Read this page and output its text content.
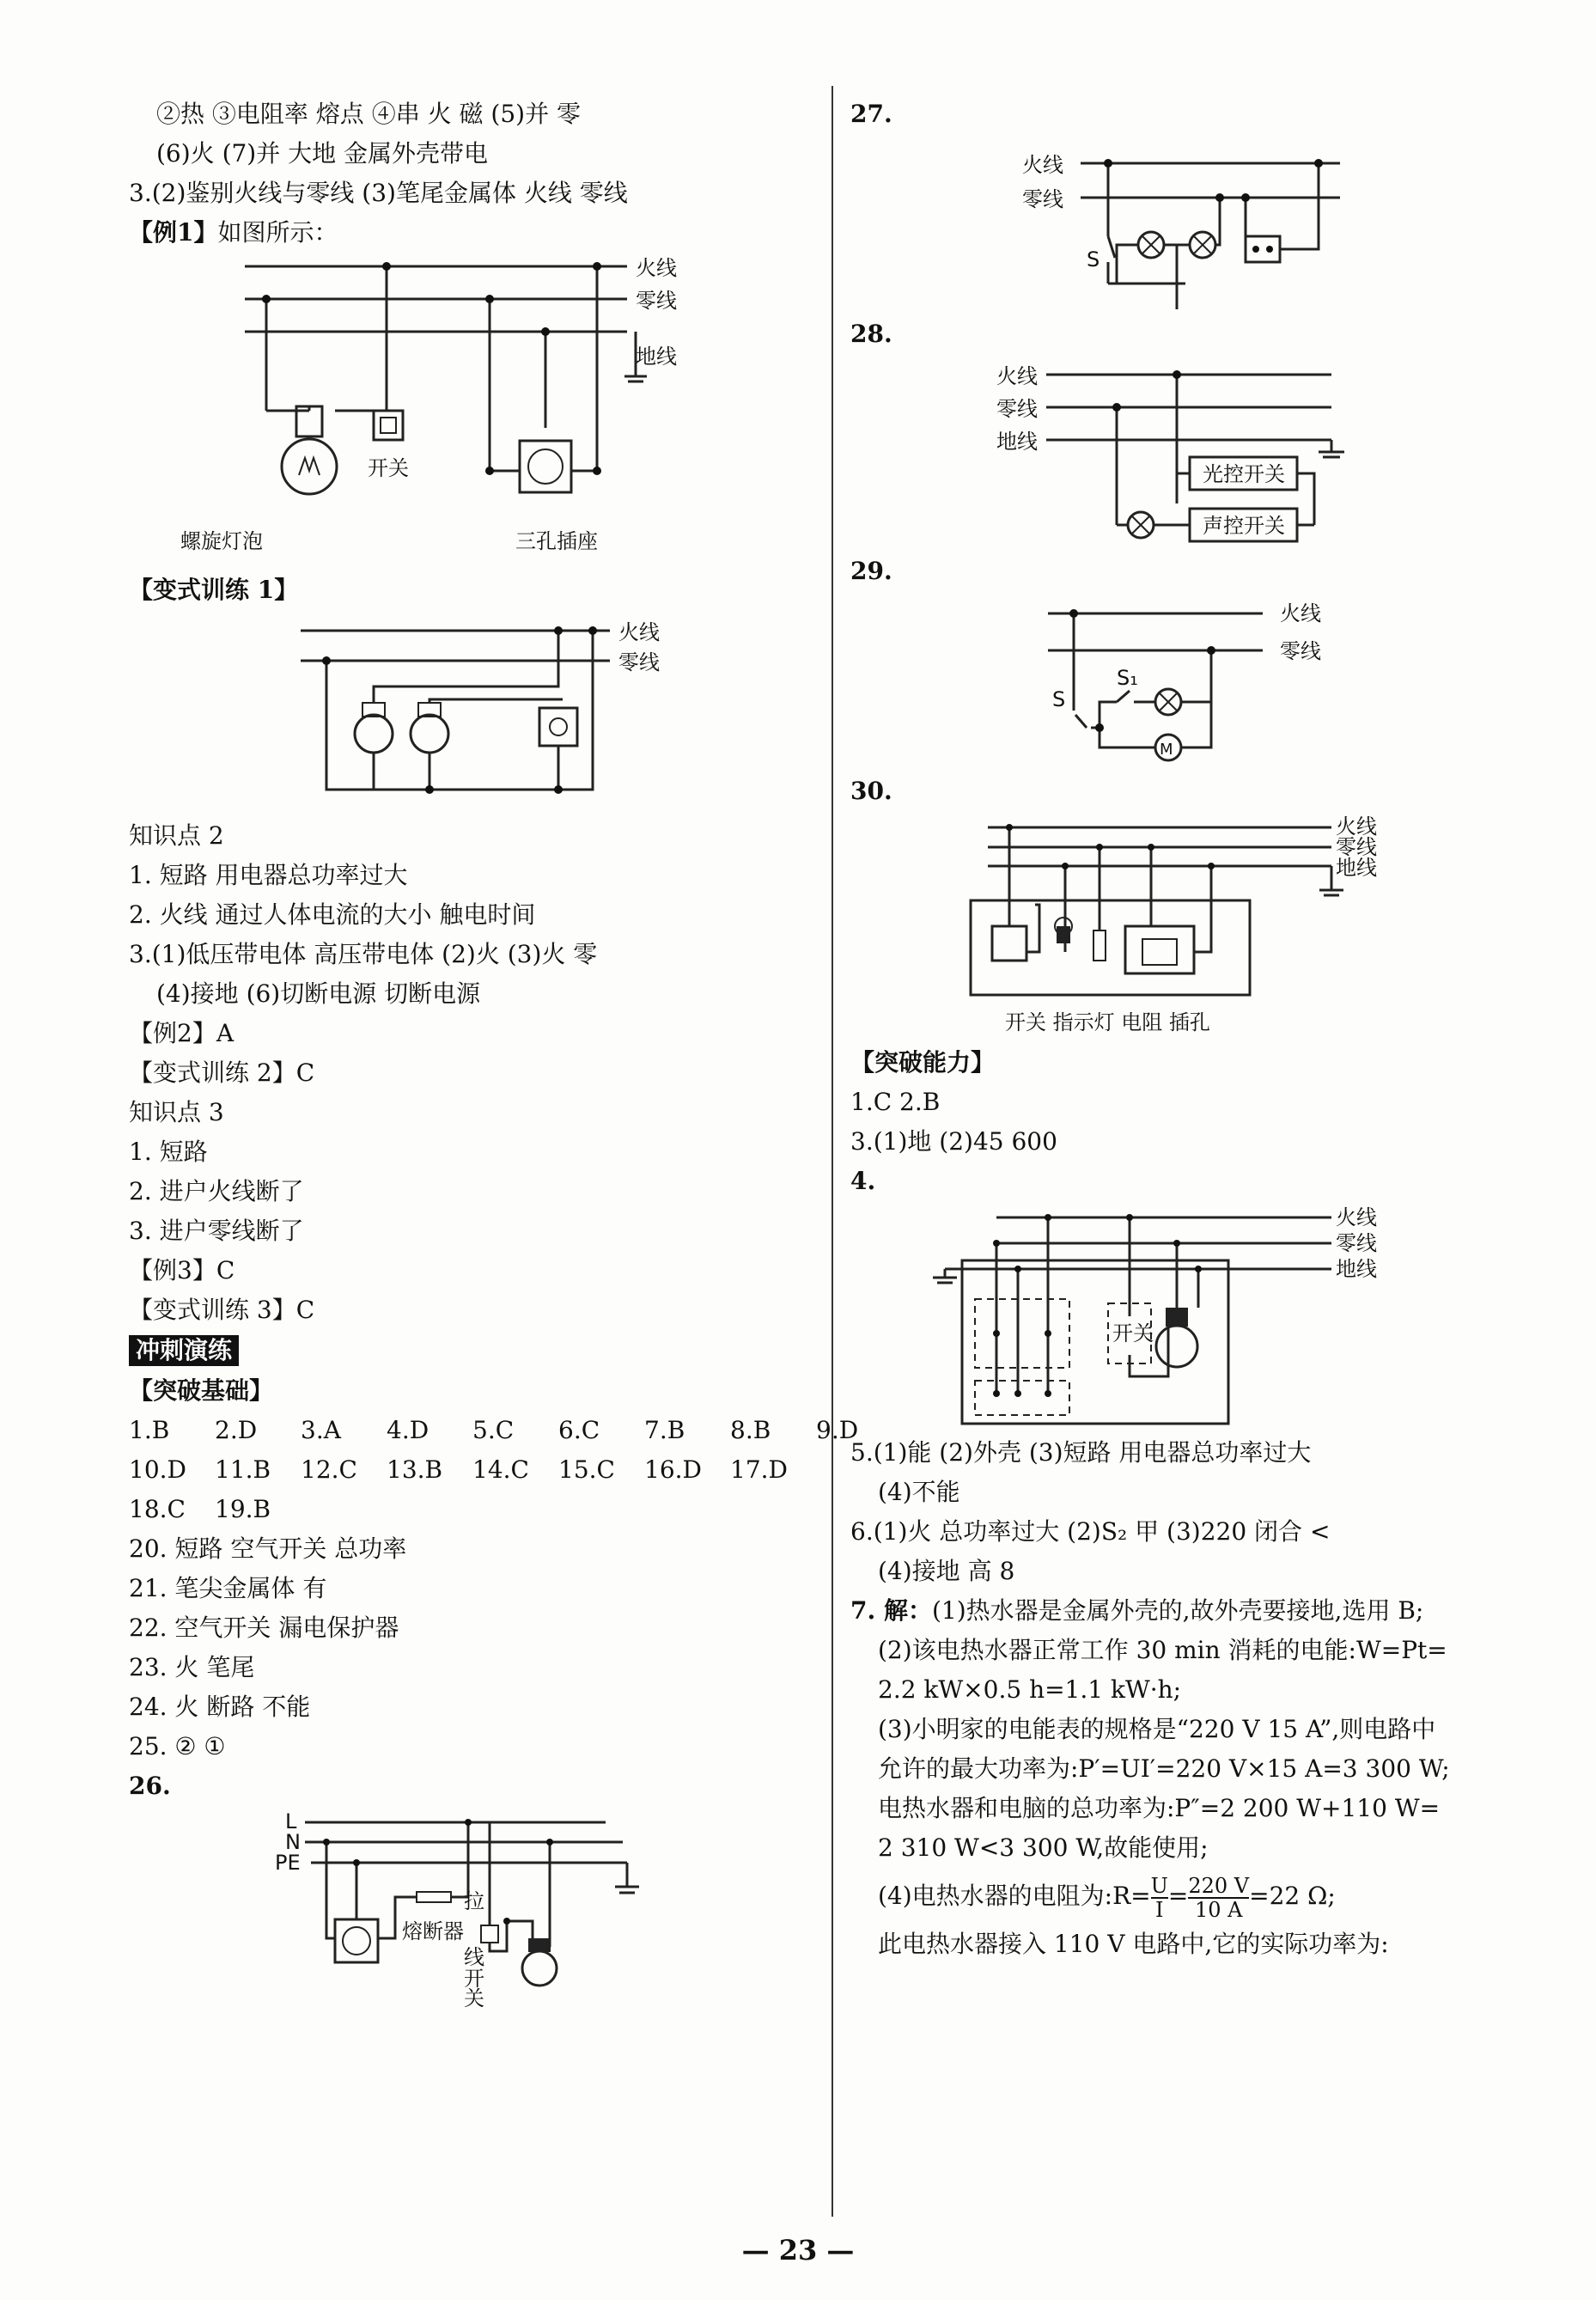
②热 ③电阻率 熔点 ④串 火 磁 (5)并 零
(6)火 (7)并 大地 金属外壳带电
3.(2)鉴别火线与零线 (3)笔尾金属体 火线 零线
【例1】如图所示：
火线
零线
地线
开关
螺旋灯泡	三孔插座
【变式训练 1】
火线
零线
知识点 2
1. 短路 用电器总功率过大
2. 火线 通过人体电流的大小 触电时间
3.(1)低压带电体 高压带电体 (2)火 (3)火 零
(4)接地 (6)切断电源 切断电源
【例2】A
【变式训练 2】C
知识点 3
1. 短路
2. 进户火线断了
3. 进户零线断了
【例3】C
【变式训练 3】C
冲刺演练
【突破基础】
1.B 2.D 3.A 4.D 5.C 6.C 7.B 8.B 9.D
10.D 11.B 12.C 13.B 14.C 15.C 16.D 17.D
18.C 19.B
20. 短路 空气开关 总功率
21. 笔尖金属体 有
22. 空气开关 漏电保护器
23. 火 笔尾
24. 火 断路 不能
25. ② ①
26.
L
N
PE
熔断器
拉
线
开
关
27.
火线
零线
S
28.
火线
零线
地线
声控开关
光控开关
29.
火线
零线
S
S₁
M
30.
火线
零线
地线
开关 指示灯 电阻 插孔
【突破能力】
1.C 2.B
3.(1)地 (2)45 600
4.
火线
零线
地线
开关
5.(1)能 (2)外壳 (3)短路 用电器总功率过大
(4)不能
6.(1)火 总功率过大 (2)S₂ 甲 (3)220 闭合 <
(4)接地 高 8
7. 解：(1)热水器是金属外壳的,故外壳要接地,选用 B;
(2)该电热水器正常工作 30 min 消耗的电能:W=Pt=
2.2 kW×0.5 h=1.1 kW·h;
(3)小明家的电能表的规格是“220 V 15 A”,则电路中
允许的最大功率为:P′=UI′=220 V×15 A=3 300 W;
电热水器和电脑的总功率为:P″=2 200 W+110 W=
2 310 W<3 300 W,故能使用;
(4)电热水器的电阻为:R= $\frac{U}{I} = \frac{220 V}{10 A} =22$ Ω;
此电热水器接入 110 V 电路中,它的实际功率为:
— 23 —
